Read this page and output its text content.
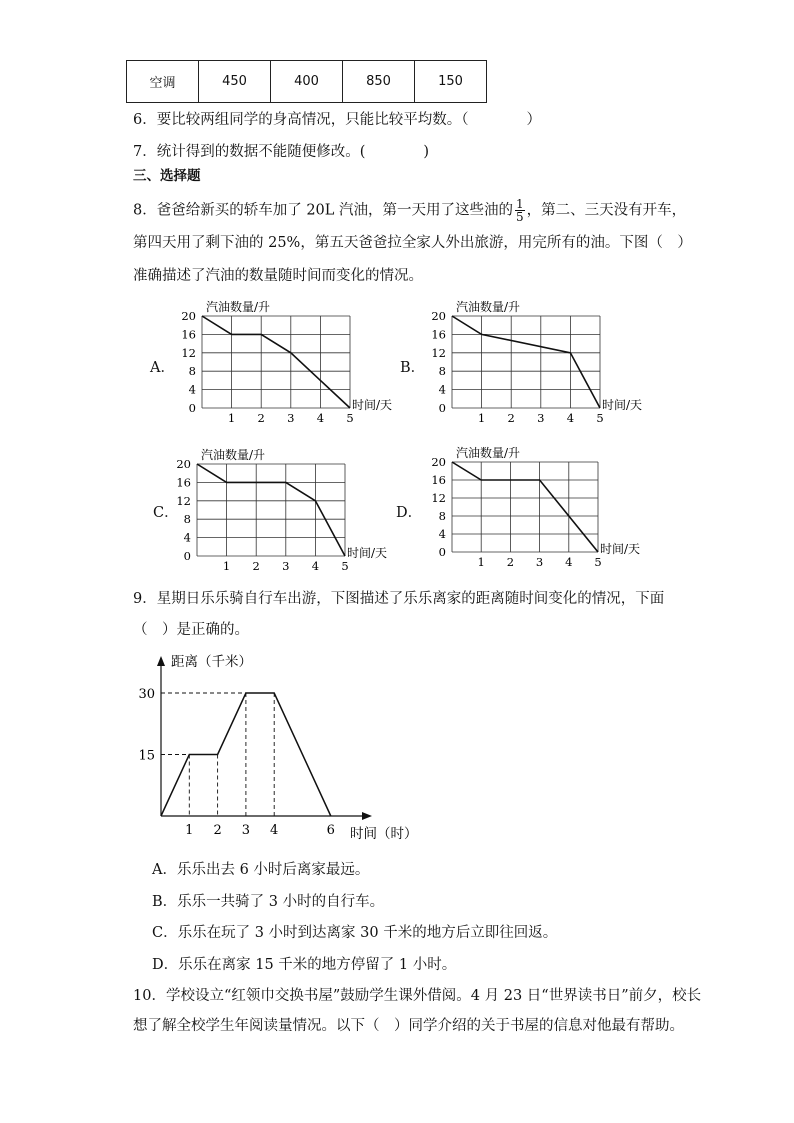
空调	450	400	850	150
6．要比较两组同学的身高情况，只能比较平均数。（　　　　）
7．统计得到的数据不能随便修改。(　　　　)
三、选择题
8．爸爸给新买的轿车加了 20L 汽油，第一天用了这些油的 $\frac{1}{5}$ ，第二、三天没有开车，
第四天用了剩下油的 25%，第五天爸爸拉全家人外出旅游，用完所有的油。下图（　）
准确描述了汽油的数量随时间而变化的情况。
0
4
8
12
16
20
1 2 3 4 5
汽油数量/升
时间/天	0
4
8
12
16
20
1 2 3 4 5
汽油数量/升
时间/天
0
4
8
12
16
20
1 2 3 4 5
汽油数量/升
时间/天	0
4
8
12
16
20
1 2 3 4 5
汽油数量/升
时间/天
A．	B．
C．	D．
9．星期日乐乐骑自行车出游，下图描述了乐乐离家的距离随时间变化的情况，下面
（　）是正确的。
1 2 3 4	6
15
30
距离（千米）
时间（时）
A．乐乐出去 6 小时后离家最远。
B．乐乐一共骑了 3 小时的自行车。
C．乐乐在玩了 3 小时到达离家 30 千米的地方后立即往回返。
D．乐乐在离家 15 千米的地方停留了 1 小时。
10．学校设立“红领巾交换书屋”鼓励学生课外借阅。4 月 23 日“世界读书日”前夕，校长
想了解全校学生年阅读量情况。以下（　）同学介绍的关于书屋的信息对他最有帮助。
